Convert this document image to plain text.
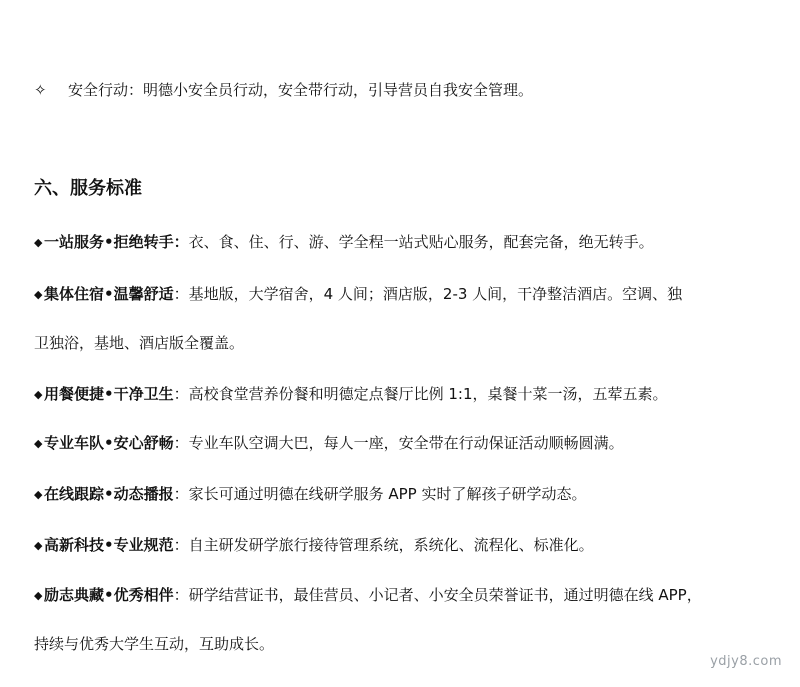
✧ 安全行动：明德小安全员行动，安全带行动，引导营员自我安全管理。
六、服务标准
◆ 一站服务•拒绝转手：衣、食、住、行、游、学全程一站式贴心服务，配套完备，绝无转手。
◆ 集体住宿•温馨舒适：基地版，大学宿舍，4 人间；酒店版，2-3 人间，干净整洁酒店。空调、独
卫独浴，基地、酒店版全覆盖。
◆ 用餐便捷•干净卫生：高校食堂营养份餐和明德定点餐厅比例 1:1，桌餐十菜一汤，五荤五素。
◆ 专业车队•安心舒畅：专业车队空调大巴，每人一座，安全带在行动保证活动顺畅圆满。
◆ 在线跟踪•动态播报：家长可通过明德在线研学服务 APP 实时了解孩子研学动态。
◆ 高新科技•专业规范：自主研发研学旅行接待管理系统，系统化、流程化、标准化。
◆ 励志典藏•优秀相伴：研学结营证书，最佳营员、小记者、小安全员荣誉证书，通过明德在线 APP，
持续与优秀大学生互动，互助成长。
ydjy8.com
